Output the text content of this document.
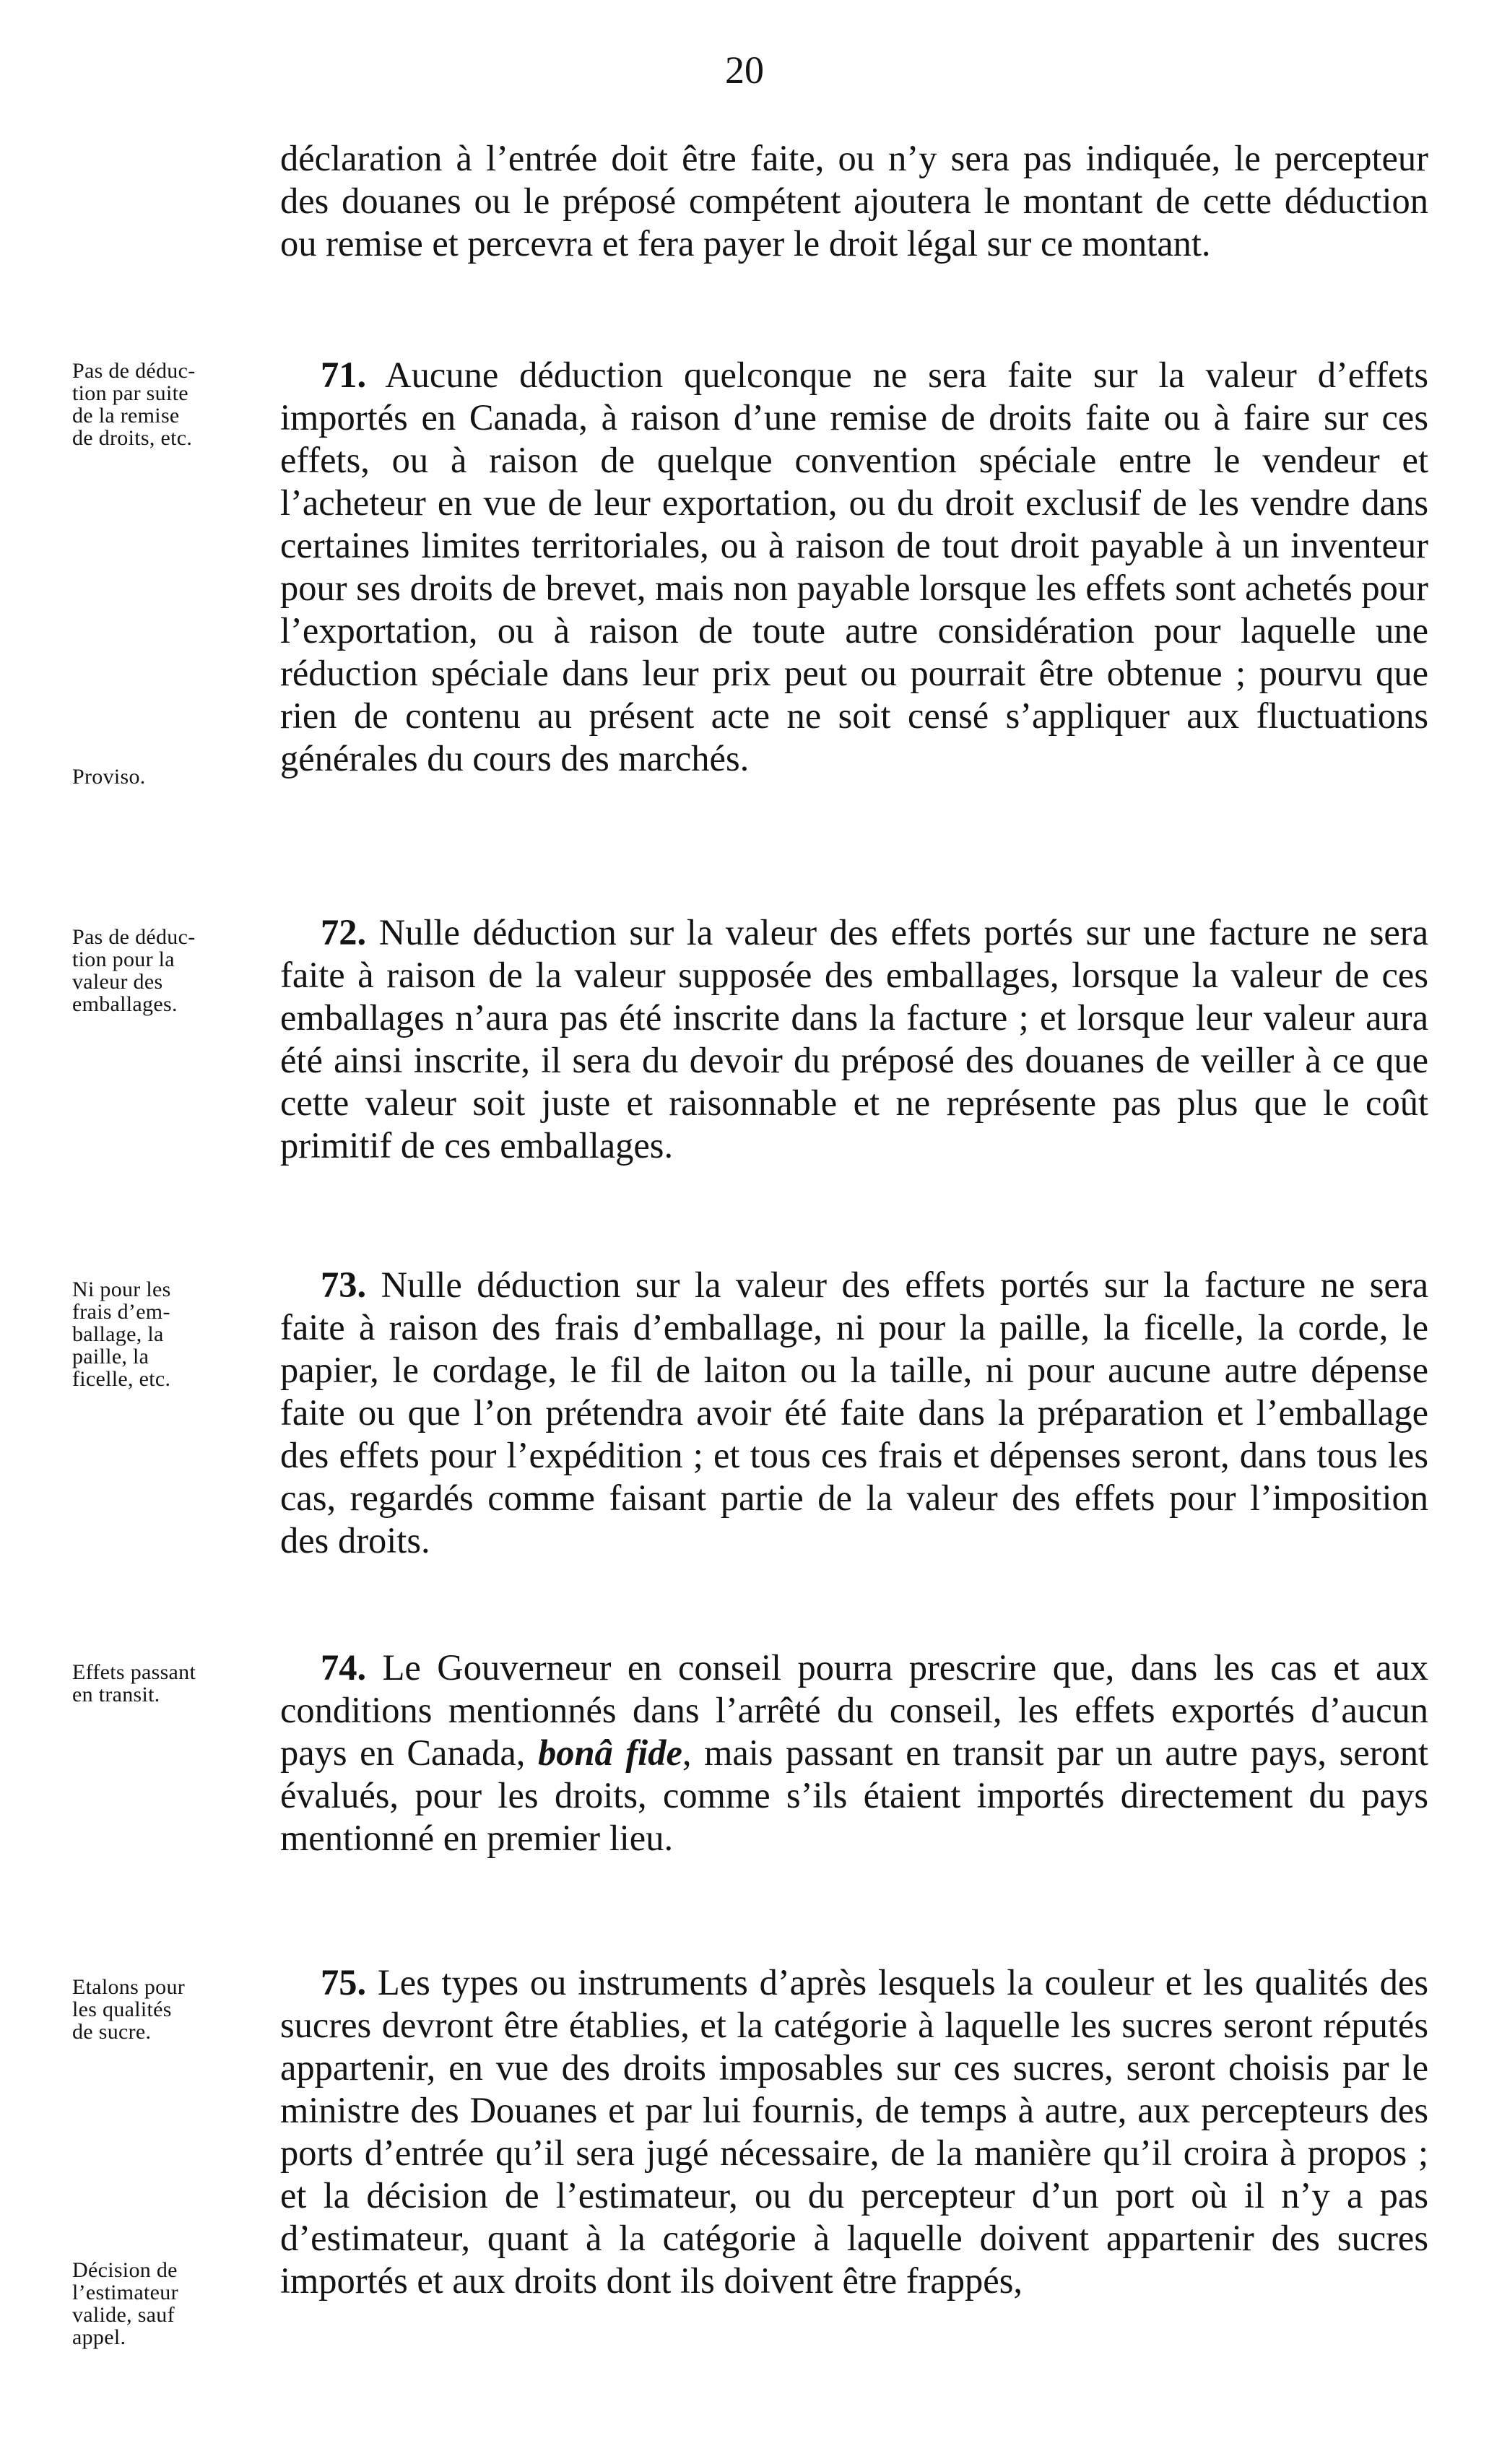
20

déclaration à l’entrée doit être faite, ou n’y sera pas indiquée, le percepteur des douanes ou le préposé compétent ajoutera le montant de cette déduction ou remise et percevra et fera payer le droit légal sur ce montant.

Pas de déduc-
tion par suite
de la remise
de droits, etc.
Proviso.

71. Aucune déduction quelconque ne sera faite sur la valeur d’effets importés en Canada, à raison d’une remise de droits faite ou à faire sur ces effets, ou à raison de quelque convention spéciale entre le vendeur et l’acheteur en vue de leur exportation, ou du droit exclusif de les vendre dans certaines limites territoriales, ou à raison de tout droit payable à un inventeur pour ses droits de brevet, mais non payable lorsque les effets sont achetés pour l’exportation, ou à raison de toute autre considération pour laquelle une réduction spéciale dans leur prix peut ou pourrait être obtenue ; pourvu que rien de contenu au présent acte ne soit censé s’appliquer aux fluctuations générales du cours des marchés.

Pas de déduc-
tion pour la
valeur des
emballages.

72. Nulle déduction sur la valeur des effets portés sur une facture ne sera faite à raison de la valeur supposée des emballages, lorsque la valeur de ces emballages n’aura pas été inscrite dans la facture ; et lorsque leur valeur aura été ainsi inscrite, il sera du devoir du préposé des douanes de veiller à ce que cette valeur soit juste et raisonnable et ne représente pas plus que le coût primitif de ces emballages.

Ni pour les
frais d’em-
ballage, la
paille, la
ficelle, etc.

73. Nulle déduction sur la valeur des effets portés sur la facture ne sera faite à raison des frais d’emballage, ni pour la paille, la ficelle, la corde, le papier, le cordage, le fil de laiton ou la taille, ni pour aucune autre dépense faite ou que l’on prétendra avoir été faite dans la préparation et l’emballage des effets pour l’expédition ; et tous ces frais et dépenses seront, dans tous les cas, regardés comme faisant partie de la valeur des effets pour l’imposition des droits.

Effets passant
en transit.

74. Le Gouverneur en conseil pourra prescrire que, dans les cas et aux conditions mentionnés dans l’arrêté du conseil, les effets exportés d’aucun pays en Canada, bonâ fide, mais passant en transit par un autre pays, seront évalués, pour les droits, comme s’ils étaient importés directement du pays mentionné en premier lieu.

Etalons pour
les qualités
de sucre.
Décision de
l’estimateur
valide, sauf
appel.

75. Les types ou instruments d’après lesquels la couleur et les qualités des sucres devront être établies, et la catégorie à laquelle les sucres seront réputés appartenir, en vue des droits imposables sur ces sucres, seront choisis par le ministre des Douanes et par lui fournis, de temps à autre, aux percepteurs des ports d’entrée qu’il sera jugé nécessaire, de la manière qu’il croira à propos ; et la décision de l’estimateur, ou du percepteur d’un port où il n’y a pas d’estimateur, quant à la catégorie à laquelle doivent appartenir des sucres importés et aux droits dont ils doivent être frappés,
